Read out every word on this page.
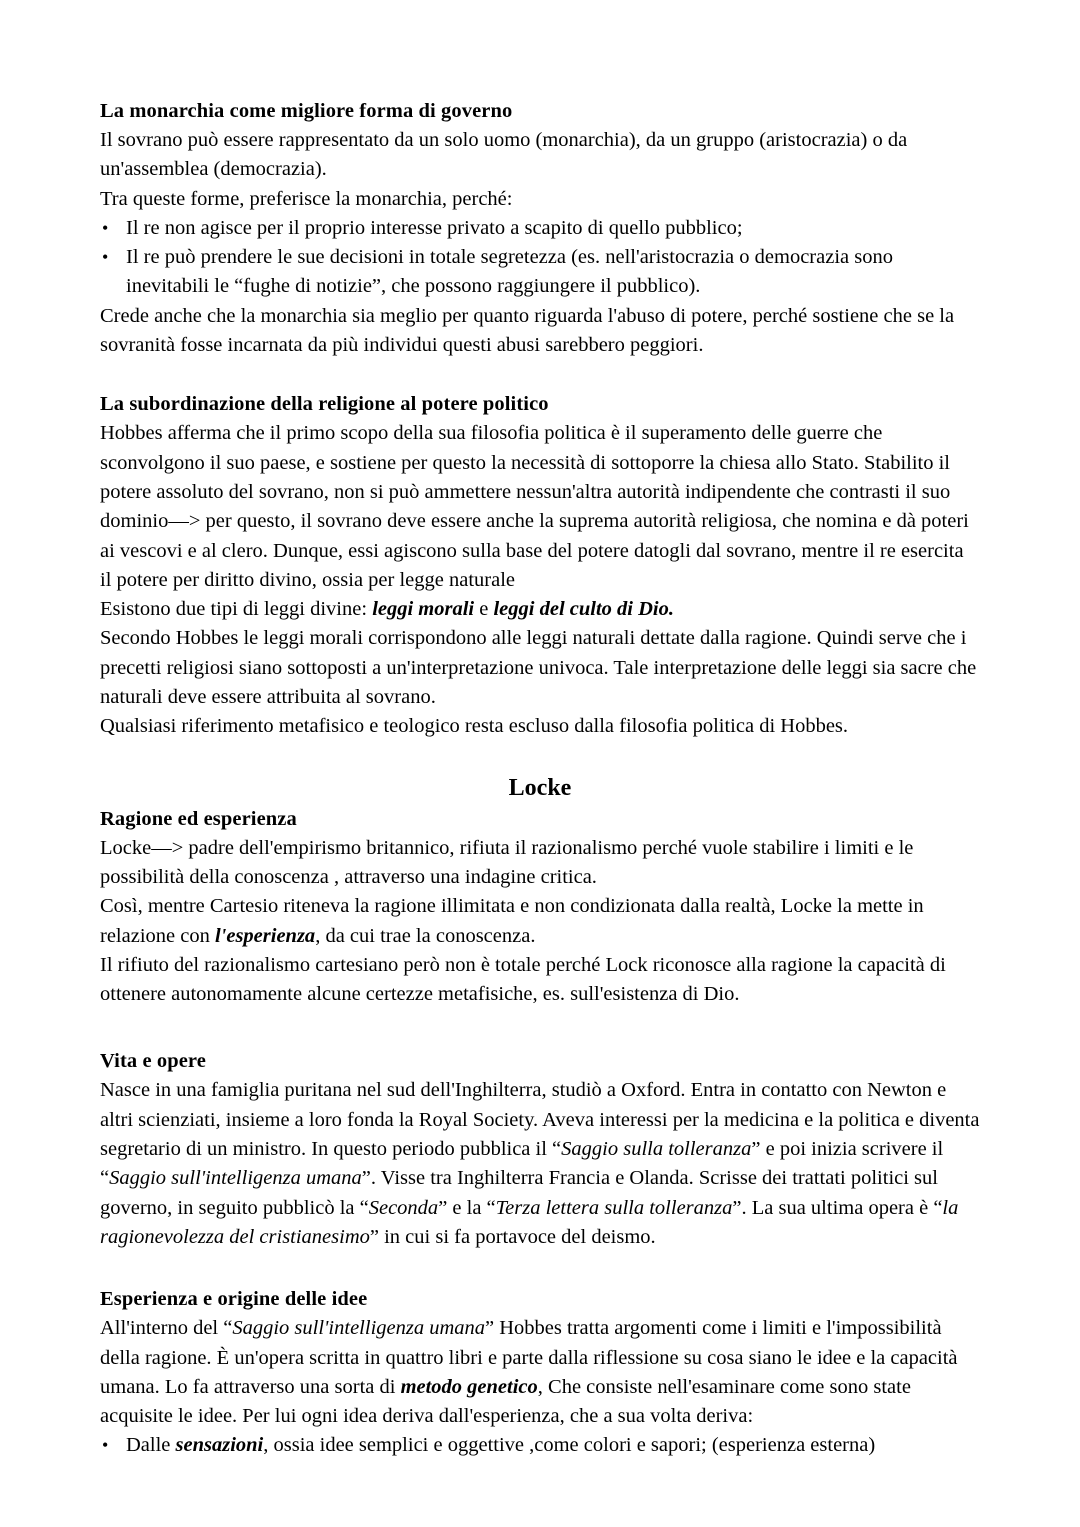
La monarchia come migliore forma di governo

Il sovrano può essere rappresentato da un solo uomo (monarchia), da un gruppo (aristocrazia) o da un'assemblea (democrazia).

Tra queste forme, preferisce la monarchia, perché:

• Il re non agisce per il proprio interesse privato a scapito di quello pubblico;
• Il re può prendere le sue decisioni in totale segretezza (es. nell'aristocrazia o democrazia sono inevitabili le “fughe di notizie”, che possono raggiungere il pubblico).

Crede anche che la monarchia sia meglio per quanto riguarda l'abuso di potere, perché sostiene che se la sovranità fosse incarnata da più individui questi abusi sarebbero peggiori.

La subordinazione della religione al potere politico

Hobbes afferma che il primo scopo della sua filosofia politica è il superamento delle guerre che sconvolgono il suo paese, e sostiene per questo la necessità di sottoporre la chiesa allo Stato. Stabilito il potere assoluto del sovrano, non si può ammettere nessun'altra autorità indipendente che contrasti il suo dominio—> per questo, il sovrano deve essere anche la suprema autorità religiosa, che nomina e dà poteri ai vescovi e al clero. Dunque, essi agiscono sulla base del potere datogli dal sovrano, mentre il re esercita il potere per diritto divino, ossia per legge naturale

Esistono due tipi di leggi divine: leggi morali e leggi del culto di Dio.

Secondo Hobbes le leggi morali corrispondono alle leggi naturali dettate dalla ragione. Quindi serve che i precetti religiosi siano sottoposti a un'interpretazione univoca. Tale interpretazione delle leggi sia sacre che naturali deve essere attribuita al sovrano.

Qualsiasi riferimento metafisico e teologico resta escluso dalla filosofia politica di Hobbes.

Locke
Ragione ed esperienza

Locke—> padre dell'empirismo britannico, rifiuta il razionalismo perché vuole stabilire i limiti e le possibilità della conoscenza , attraverso una indagine critica.

Così, mentre Cartesio riteneva la ragione illimitata e non condizionata dalla realtà, Locke la mette in relazione con l'esperienza, da cui trae la conoscenza.

Il rifiuto del razionalismo cartesiano però non è totale perché Lock riconosce alla ragione la capacità di ottenere autonomamente alcune certezze metafisiche, es. sull'esistenza di Dio.

Vita e opere

Nasce in una famiglia puritana nel sud dell'Inghilterra, studiò a Oxford. Entra in contatto con Newton e altri scienziati, insieme a loro fonda la Royal Society. Aveva interessi per la medicina e la politica e diventa segretario di un ministro. In questo periodo pubblica il “Saggio sulla tolleranza” e poi inizia scrivere il “Saggio sull'intelligenza umana”. Visse tra Inghilterra Francia e Olanda. Scrisse dei trattati politici sul governo, in seguito pubblicò la “Seconda” e la “Terza lettera sulla tolleranza”. La sua ultima opera è “la ragionevolezza del cristianesimo” in cui si fa portavoce del deismo.

Esperienza e origine delle idee

All'interno del “Saggio sull'intelligenza umana” Hobbes tratta argomenti come i limiti e l'impossibilità della ragione. È un'opera scritta in quattro libri e parte dalla riflessione su cosa siano le idee e la capacità umana. Lo fa attraverso una sorta di metodo genetico, Che consiste nell'esaminare come sono state acquisite le idee. Per lui ogni idea deriva dall'esperienza, che a sua volta deriva:

• Dalle sensazioni, ossia idee semplici e oggettive ,come colori e sapori; (esperienza esterna)
